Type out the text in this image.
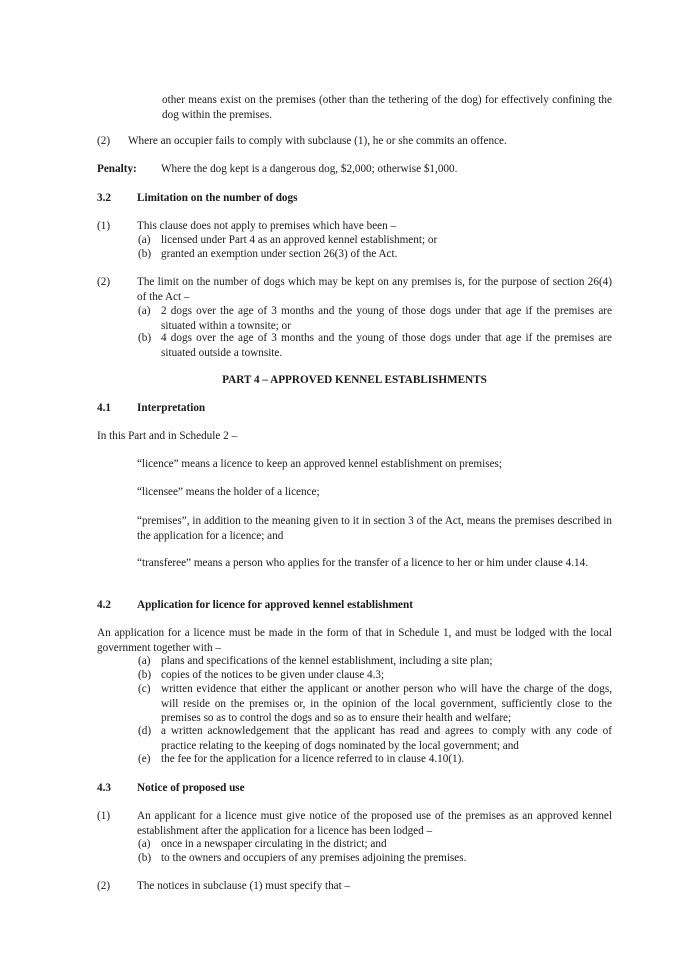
other means exist on the premises (other than the tethering of the dog) for effectively confining the dog within the premises.
(2) Where an occupier fails to comply with subclause (1), he or she commits an offence.
Penalty: Where the dog kept is a dangerous dog, $2,000; otherwise $1,000.
3.2 Limitation on the number of dogs
(1) This clause does not apply to premises which have been –
(a) licensed under Part 4 as an approved kennel establishment; or
(b) granted an exemption under section 26(3) of the Act.
(2) The limit on the number of dogs which may be kept on any premises is, for the purpose of section 26(4) of the Act –
(a) 2 dogs over the age of 3 months and the young of those dogs under that age if the premises are situated within a townsite; or
(b) 4 dogs over the age of 3 months and the young of those dogs under that age if the premises are situated outside a townsite.
PART 4 – APPROVED KENNEL ESTABLISHMENTS
4.1 Interpretation
In this Part and in Schedule 2 –
“licence” means a licence to keep an approved kennel establishment on premises;
“licensee” means the holder of a licence;
“premises”, in addition to the meaning given to it in section 3 of the Act, means the premises described in the application for a licence; and
“transferee” means a person who applies for the transfer of a licence to her or him under clause 4.14.
4.2 Application for licence for approved kennel establishment
An application for a licence must be made in the form of that in Schedule 1, and must be lodged with the local government together with –
(a) plans and specifications of the kennel establishment, including a site plan;
(b) copies of the notices to be given under clause 4.3;
(c) written evidence that either the applicant or another person who will have the charge of the dogs, will reside on the premises or, in the opinion of the local government, sufficiently close to the premises so as to control the dogs and so as to ensure their health and welfare;
(d) a written acknowledgement that the applicant has read and agrees to comply with any code of practice relating to the keeping of dogs nominated by the local government; and
(e) the fee for the application for a licence referred to in clause 4.10(1).
4.3 Notice of proposed use
(1) An applicant for a licence must give notice of the proposed use of the premises as an approved kennel establishment after the application for a licence has been lodged –
(a) once in a newspaper circulating in the district; and
(b) to the owners and occupiers of any premises adjoining the premises.
(2) The notices in subclause (1) must specify that –
